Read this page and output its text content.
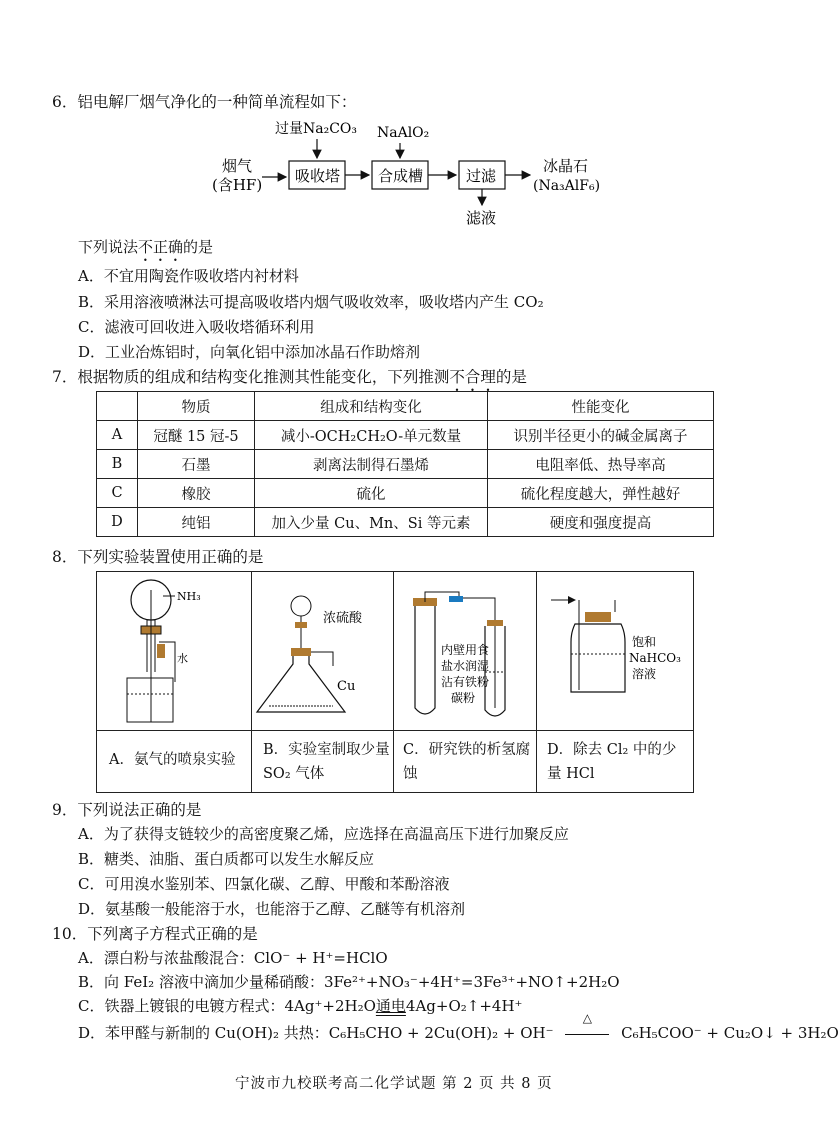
6．铝电解厂烟气净化的一种简单流程如下：
烟气
(含HF) 吸收塔
过量Na₂CO₃
合成槽
NaAlO₂
过滤
滤液
冰晶石
(Na₃AlF₆)
下列说法不正确的是
A．不宜用陶瓷作吸收塔内衬材料
B．采用溶液喷淋法可提高吸收塔内烟气吸收效率，吸收塔内产生 CO₂
C．滤液可回收进入吸收塔循环利用
D．工业冶炼铝时，向氧化铝中添加冰晶石作助熔剂
7．根据物质的组成和结构变化推测其性能变化，下列推测不合理的是
	物质	组成和结构变化	性能变化
A	冠醚 15 冠-5	减小-OCH₂CH₂O-单元数量	识别半径更小的碱金属离子
B	石墨	剥离法制得石墨烯	电阻率低、热导率高
C	橡胶	硫化	硫化程度越大，弹性越好
D	纯铝	加入少量 Cu、Mn、Si 等元素	硬度和强度提高
8．下列实验装置使用正确的是
NH₃
水
浓硫酸
Cu
内壁用食
盐水润湿
沾有铁粉
碳粉
饱和
NaHCO₃
溶液
A．氨气的喷泉实验
B．实验室制取少量 SO₂ 气体
C．研究铁的析氢腐蚀
D．除去 Cl₂ 中的少量 HCl
9．下列说法正确的是
A．为了获得支链较少的高密度聚乙烯，应选择在高温高压下进行加聚反应
B．糖类、油脂、蛋白质都可以发生水解反应
C．可用溴水鉴别苯、四氯化碳、乙醇、甲酸和苯酚溶液
D．氨基酸一般能溶于水，也能溶于乙醇、乙醚等有机溶剂
10．下列离子方程式正确的是
A．漂白粉与浓盐酸混合：ClO⁻ + H⁺=HClO
B．向 FeI₂ 溶液中滴加少量稀硝酸：3Fe²⁺+NO₃⁻+4H⁺=3Fe³⁺+NO↑+2H₂O
C．铁器上镀银的电镀方程式：4Ag⁺+2H₂O通电4Ag+O₂↑+4H⁺
D．苯甲醛与新制的 Cu(OH)₂ 共热：C₆H₅CHO + 2Cu(OH)₂ + OH⁻
△
C₆H₅COO⁻ + Cu₂O↓ + 3H₂O
宁波市九校联考高二化学试题 第 2 页 共 8 页
